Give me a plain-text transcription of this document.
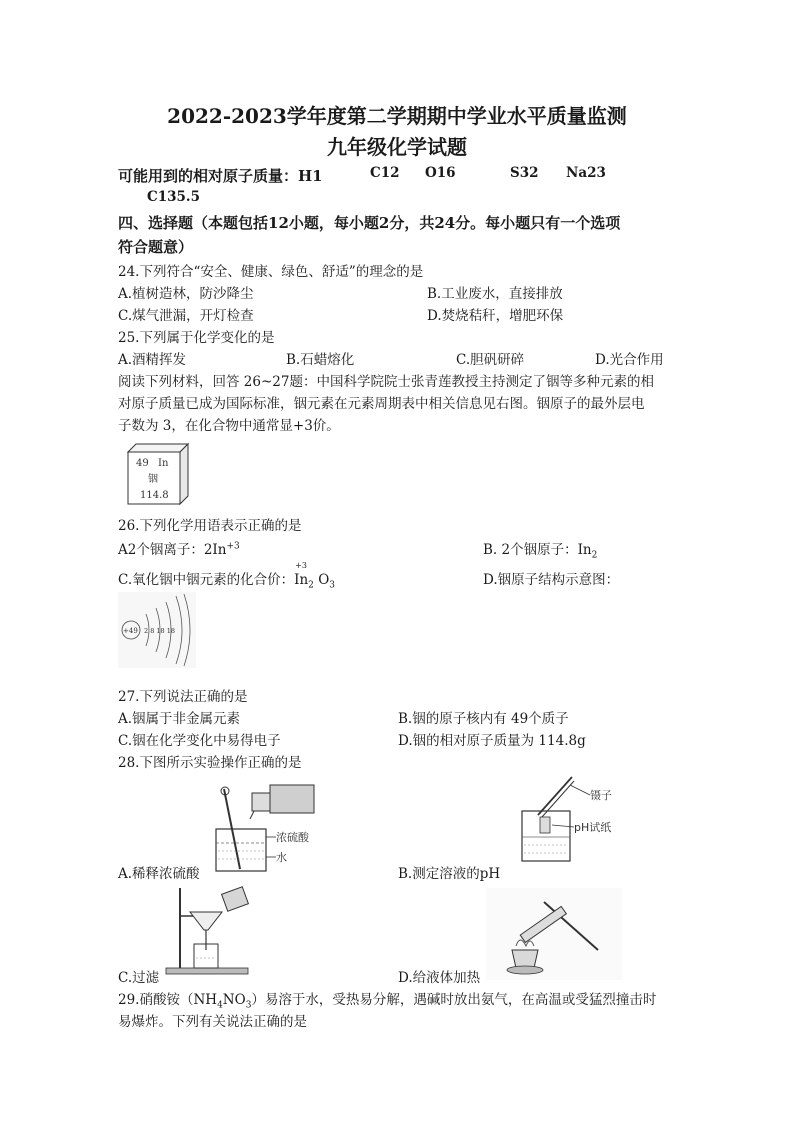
2022-2023学年度第二学期期中学业水平质量监测
九年级化学试题
可能用到的相对原子质量：H1	C12 O16	S32 Na23
C135.5
四、选择题（本题包括12小题，每小题2分，共24分。每小题只有一个选项
符合题意）
24.下列符合“安全、健康、绿色、舒适”的理念的是
A.植树造林，防沙降尘	B.工业废水，直接排放
C.煤气泄漏，开灯检查	D.焚烧秸秆，增肥环保
25.下列属于化学变化的是
A.酒精挥发	B.石蜡熔化	C.胆矾研碎	D.光合作用
阅读下列材料，回答 26~27题：中国科学院院士张青莲教授主持测定了铟等多种元素的相
对原子质量已成为国际标准，铟元素在元素周期表中相关信息见右图。铟原子的最外层电
子数为 3，在化合物中通常显+3价。
49 In
铟
114.8
26.下列化学用语表示正确的是
A2个铟离子：$2In^{+3}$	B. 2个铟原子：$In_2$
C.氧化铟中铟元素的化合价：
+3
$In_2$ $O_3$	D.铟原子结构示意图：
+49 2 8 18 18
27.下列说法正确的是
A.铟属于非金属元素	B.铟的原子核内有 49个质子
C.铟在化学变化中易得电子	D.铟的相对原子质量为 114.8g
28.下图所示实验操作正确的是
浓硫酸
水
A.稀释浓硫酸
镊子
pH试纸
B.测定溶液的pH
C.过滤	D.给液体加热
29.硝酸铵$(NH_4NO_3)$易溶于水，受热易分解，遇碱时放出氨气，在高温或受猛烈撞击时
易爆炸。下列有关说法正确的是
